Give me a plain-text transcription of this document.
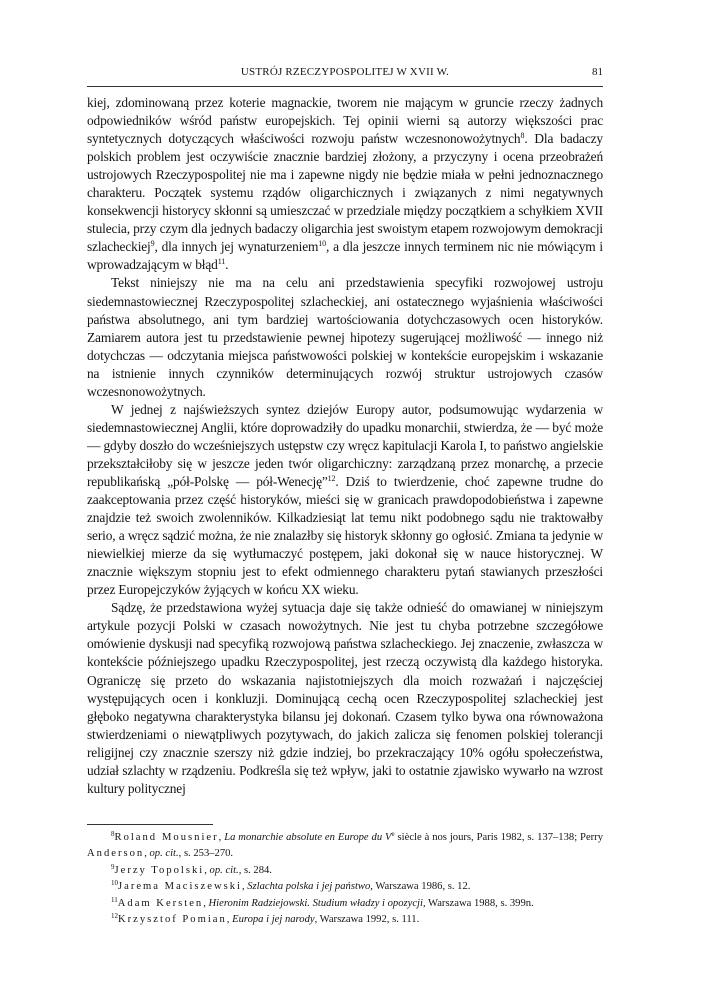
USTRÓJ RZECZYPOSPOLITEJ W XVII W.	81

kiej, zdominowaną przez koterie magnackie, tworem nie mającym w gruncie rzeczy żadnych odpowiedników wśród państw europejskich. Tej opinii wierni są autorzy większości prac syntetycznych dotyczących właściwości rozwoju państw wczesnonowożytnych$^8$. Dla badaczy polskich problem jest oczywiście znacznie bardziej złożony, a przyczyny i ocena przeobrażeń ustrojowych Rzeczypospolitej nie ma i zapewne nigdy nie będzie miała w pełni jednoznacznego charakteru. Początek systemu rządów oligarchicznych i związanych z nimi negatywnych konsekwencji historycy skłonni są umieszczać w przedziale między początkiem a schyłkiem XVII stulecia, przy czym dla jednych badaczy oligarchia jest swoistym etapem rozwojowym demokracji szlacheckiej$^9$, dla innych jej wynaturzeniem$^{10}$, a dla jeszcze innych terminem nic nie mówiącym i wprowadzającym w błąd$^{11}$.

Tekst niniejszy nie ma na celu ani przedstawienia specyfiki rozwojowej ustroju siedemnastowiecznej Rzeczypospolitej szlacheckiej, ani ostatecznego wyjaśnienia właściwości państwa absolutnego, ani tym bardziej wartościowania dotychczasowych ocen historyków. Zamiarem autora jest tu przedstawienie pewnej hipotezy sugerującej możliwość — innego niż dotychczas — odczytania miejsca państwowości polskiej w kontekście europejskim i wskazanie na istnienie innych czynników determinujących rozwój struktur ustrojowych czasów wczesnonowożytnych.

W jednej z najświeższych syntez dziejów Europy autor, podsumowując wydarzenia w siedemnastowiecznej Anglii, które doprowadziły do upadku monarchii, stwierdza, że — być może — gdyby doszło do wcześniejszych ustępstw czy wręcz kapitulacji Karola I, to państwo angielskie przekształciłoby się w jeszcze jeden twór oligarchiczny: zarządzaną przez monarchę, a przecie republikańską „pół-Polskę — pół-Wenecję”$^{12}$. Dziś to twierdzenie, choć zapewne trudne do zaakceptowania przez część historyków, mieści się w granicach prawdopodobieństwa i zapewne znajdzie też swoich zwolenników. Kilkadziesiąt lat temu nikt podobnego sądu nie traktowałby serio, a wręcz sądzić można, że nie znalazłby się historyk skłonny go ogłosić. Zmiana ta jedynie w niewielkiej mierze da się wytłumaczyć postępem, jaki dokonał się w nauce historycznej. W znacznie większym stopniu jest to efekt odmiennego charakteru pytań stawianych przeszłości przez Europejczyków żyjących w końcu XX wieku.

Sądzę, że przedstawiona wyżej sytuacja daje się także odnieść do omawianej w niniejszym artykule pozycji Polski w czasach nowożytnych. Nie jest tu chyba potrzebne szczegółowe omówienie dyskusji nad specyfiką rozwojową państwa szlacheckiego. Jej znaczenie, zwłaszcza w kontekście późniejszego upadku Rzeczypospolitej, jest rzeczą oczywistą dla każdego historyka. Ograniczę się przeto do wskazania najistotniejszych dla moich rozważań i najczęściej występujących ocen i konkluzji. Dominującą cechą ocen Rzeczypospolitej szlacheckiej jest głęboko negatywna charakterystyka bilansu jej dokonań. Czasem tylko bywa ona równoważona stwierdzeniami o niewątpliwych pozytywach, do jakich zalicza się fenomen polskiej tolerancji religijnej czy znacznie szerszy niż gdzie indziej, bo przekraczający 10% ogółu społeczeństwa, udział szlachty w rządzeniu. Podkreśla się też wpływ, jaki to ostatnie zjawisko wywarło na wzrost kultury politycznej

$^8$Roland Mousnier, La monarchie absolute en Europe du Ve siècle à nos jours, Paris 1982, s. 137–138; Perry Anderson, op. cit., s. 253–270.

$^9$Jerzy Topolski, op. cit., s. 284.

$^{10}$Jarema Maciszewski, Szlachta polska i jej państwo, Warszawa 1986, s. 12.

$^{11}$Adam Kersten, Hieronim Radziejowski. Studium władzy i opozycji, Warszawa 1988, s. 399n.

$^{12}$Krzysztof Pomian, Europa i jej narody, Warszawa 1992, s. 111.
